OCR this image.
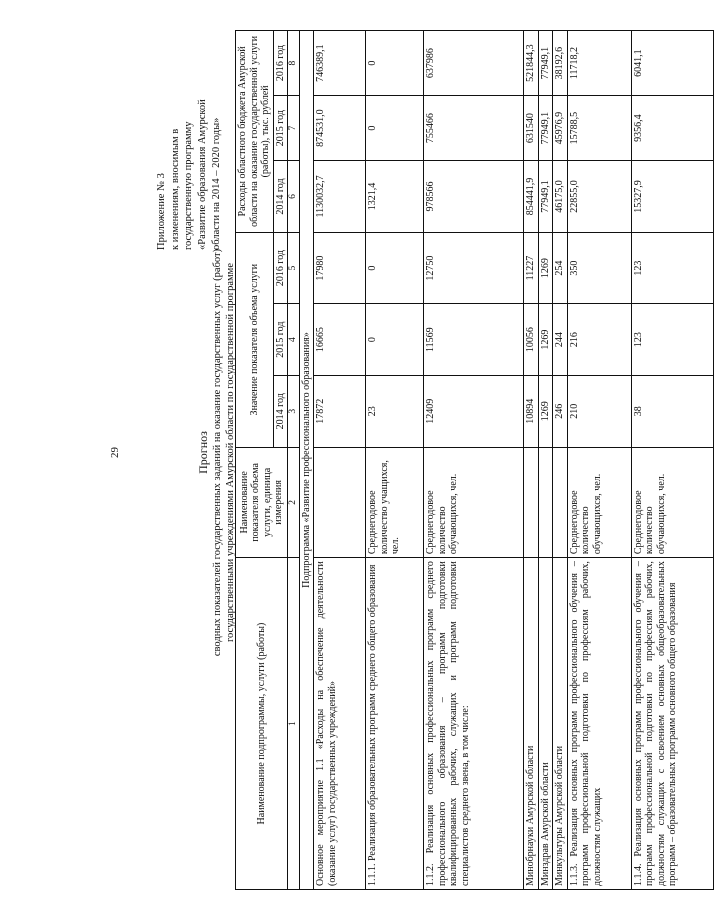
29
Приложение № 3 к изменениям, вносимым в государственную программу «Развитие образования Амурской области на 2014 – 2020 годы»
Прогноз сводных показателей государственных заданий на оказание государственных услуг (работ) государственными учреждениями Амурской области по государственной программе
Наименование подпрограммы, услуги (работы)	Наименование показателя объема услуги, единица измерения	Значение показателя объема услуги			Расходы областного бюджета Амурской области на оказание государственной услуги (работы), тыс. рублей		
		2014 год	2015 год	2016 год	2014 год	2015 год	2016 год
1	2	3	4	5	6	7	8
Подпрограмма «Развитие профессионального образования»							
Основное мероприятие 1.1 «Расходы на обеспечение деятельности (оказание услуг) государственных учреждений»		17872	16665	17980	1130032,7	874531,0	746389,1
1.1.1. Реализация образовательных программ среднего общего образования	Среднегодовое количество учащихся, чел.	23	0	0	1321,4	0	0
1.1.2. Реализация основных профессиональных программ среднего профессионального образования – программ подготовки квалифицированных рабочих, служащих и программ подготовки специалистов среднего звена, в том числе:	Среднегодовое количество обучающихся, чел.	12409	11569	12750	978566	755466	637986
Минобрнауки Амурской области		10894	10056	11227	854441,9	631540	521844,3
Минздрав Амурской области		1269	1269	1269	77949,1	77949,1	77949,1
Минкультуры Амурской области		246	244	254	46175,0	45976,9	38192,6
1.1.3. Реализация основных программ профессионального обучения – программ профессиональной подготовки по профессиям рабочих, должностям служащих	Среднегодовое количество обучающихся, чел.	210	216	350	22855,0	15788,5	11718,2
1.1.4. Реализация основных программ профессионального обучения – программ профессиональной подготовки по профессиям рабочих, должностям служащих с освоением основных общеобразовательных программ – образовательных программ основного общего образования	Среднегодовое количество обучающихся, чел.	38	123	123	15327,9	9356,4	6041,1
